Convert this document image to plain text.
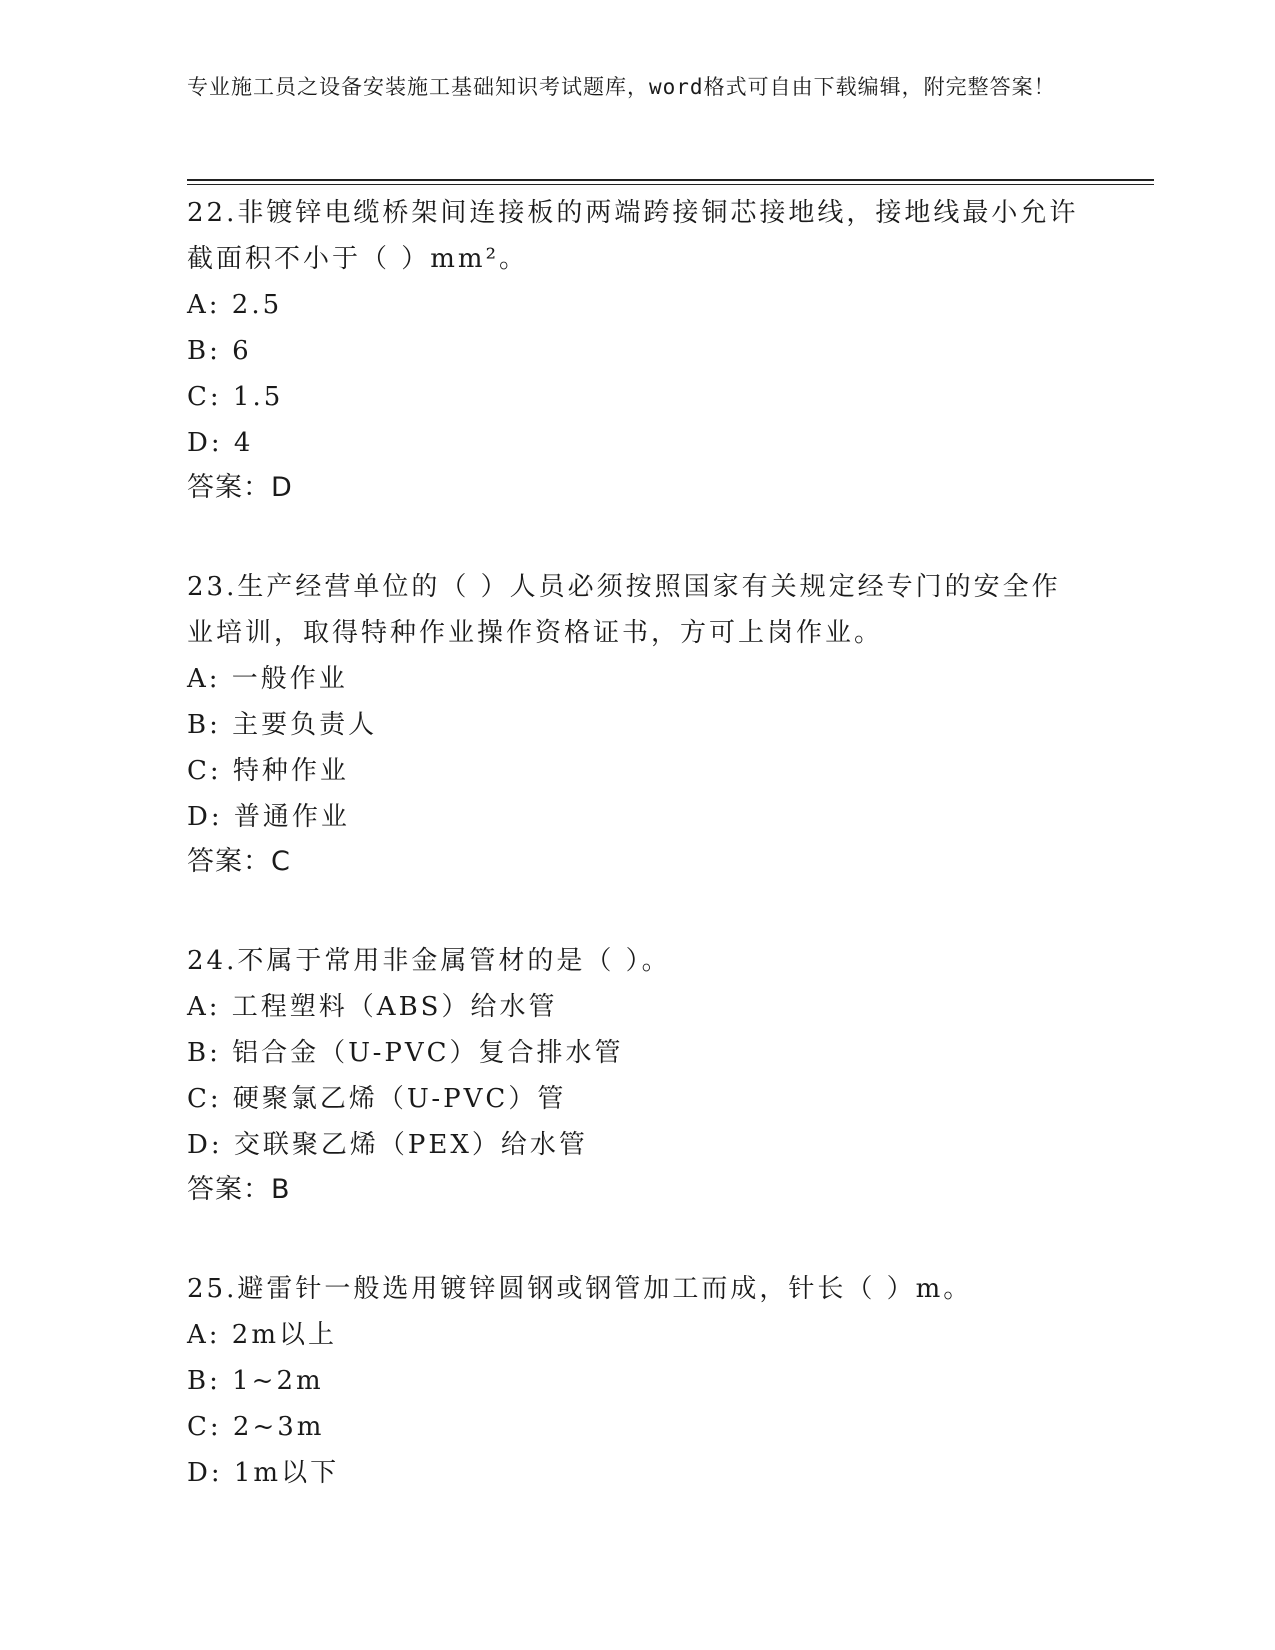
专业施工员之设备安装施工基础知识考试题库，word格式可自由下载编辑，附完整答案！
22.非镀锌电缆桥架间连接板的两端跨接铜芯接地线，接地线最小允许截面积不小于（ ）mm²。
A: 2.5
B: 6
C: 1.5
D: 4
答案：D
23.生产经营单位的（ ）人员必须按照国家有关规定经专门的安全作业培训，取得特种作业操作资格证书，方可上岗作业。
A: 一般作业
B: 主要负责人
C: 特种作业
D: 普通作业
答案：C
24.不属于常用非金属管材的是（ ）。
A: 工程塑料（ABS）给水管
B: 铝合金（U-PVC）复合排水管
C: 硬聚氯乙烯（U-PVC）管
D: 交联聚乙烯（PEX）给水管
答案：B
25.避雷针一般选用镀锌圆钢或钢管加工而成，针长（ ）m。
A: 2m以上
B: 1~2m
C: 2~3m
D: 1m以下
